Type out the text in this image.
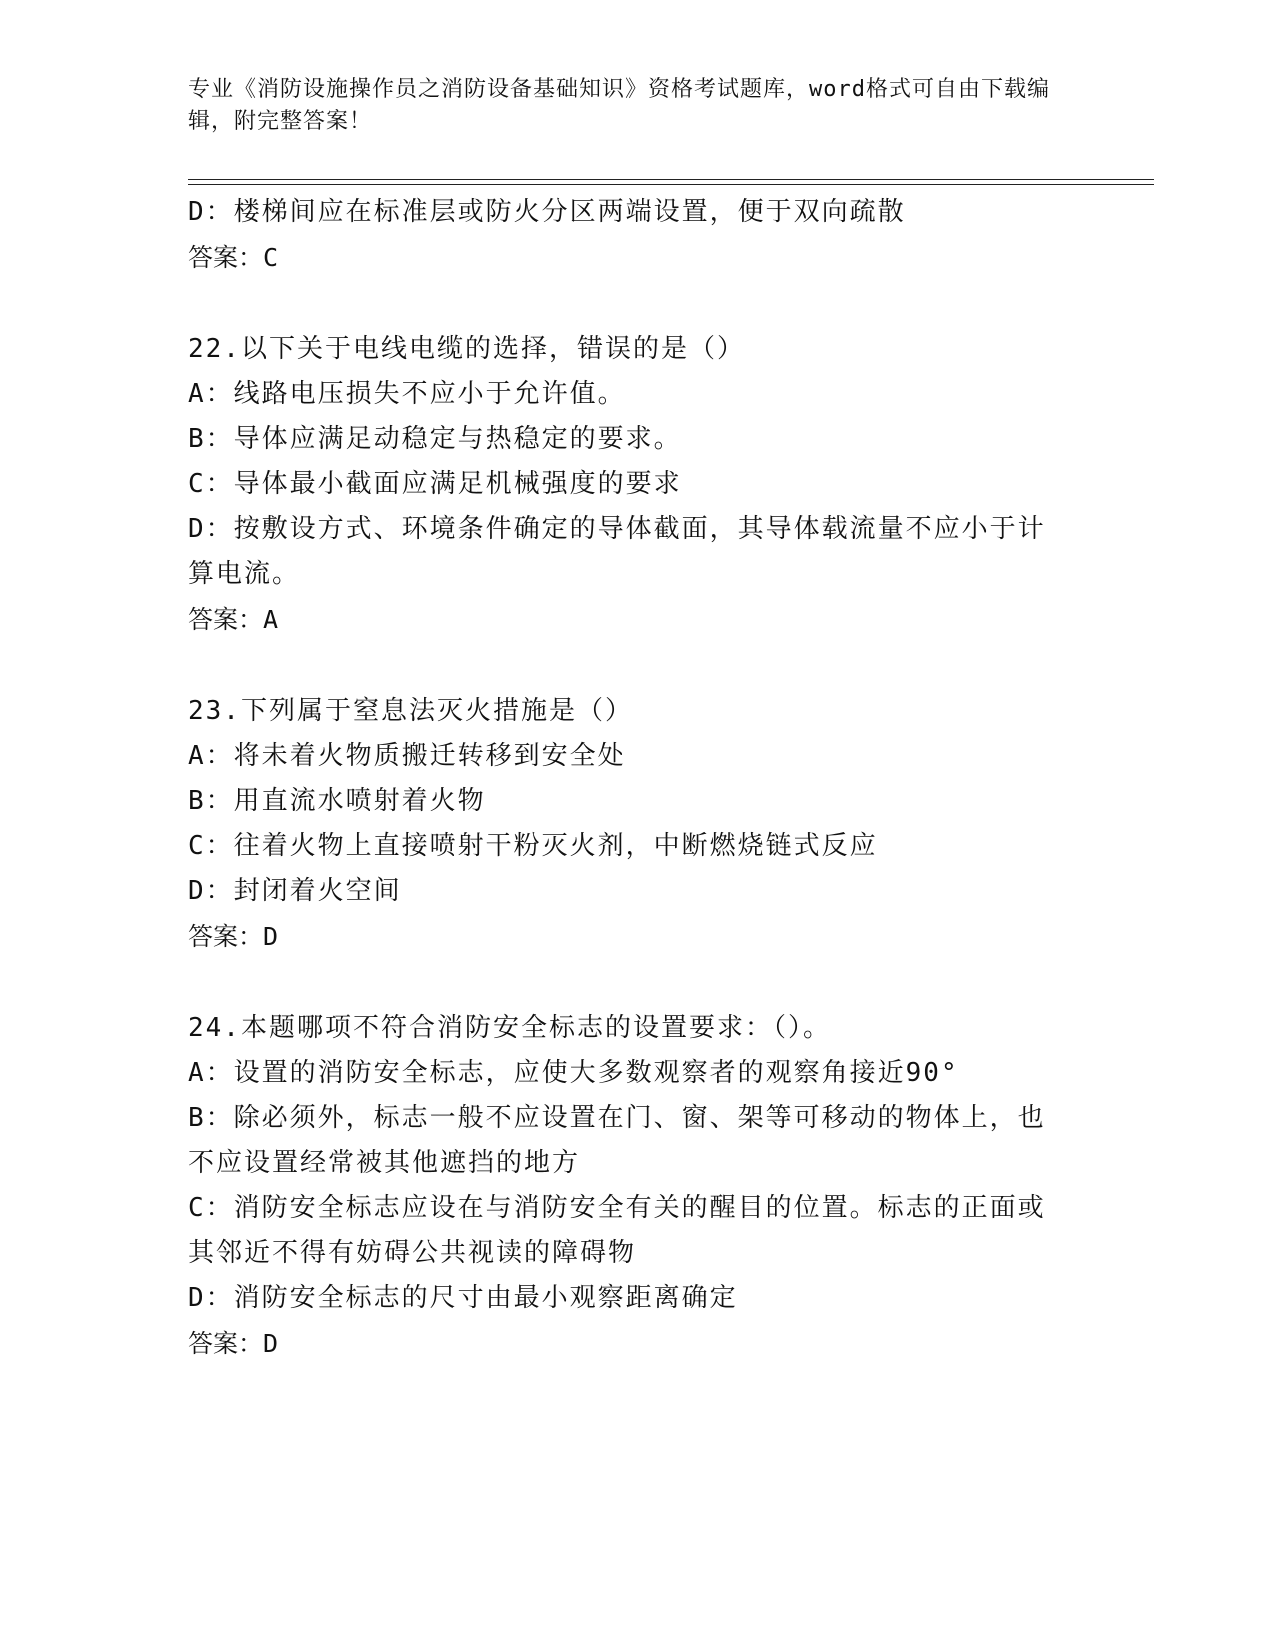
专业《消防设施操作员之消防设备基础知识》资格考试题库，word格式可自由下载编辑，附完整答案！
D：楼梯间应在标准层或防火分区两端设置，便于双向疏散
答案：C
22.以下关于电线电缆的选择，错误的是（）
A：线路电压损失不应小于允许值。
B：导体应满足动稳定与热稳定的要求。
C：导体最小截面应满足机械强度的要求
D：按敷设方式、环境条件确定的导体截面，其导体载流量不应小于计算电流。
答案：A
23.下列属于窒息法灭火措施是（）
A：将未着火物质搬迁转移到安全处
B：用直流水喷射着火物
C：往着火物上直接喷射干粉灭火剂，中断燃烧链式反应
D：封闭着火空间
答案：D
24.本题哪项不符合消防安全标志的设置要求：（）。
A：设置的消防安全标志，应使大多数观察者的观察角接近90°
B：除必须外，标志一般不应设置在门、窗、架等可移动的物体上，也不应设置经常被其他遮挡的地方
C：消防安全标志应设在与消防安全有关的醒目的位置。标志的正面或其邻近不得有妨碍公共视读的障碍物
D：消防安全标志的尺寸由最小观察距离确定
答案：D
